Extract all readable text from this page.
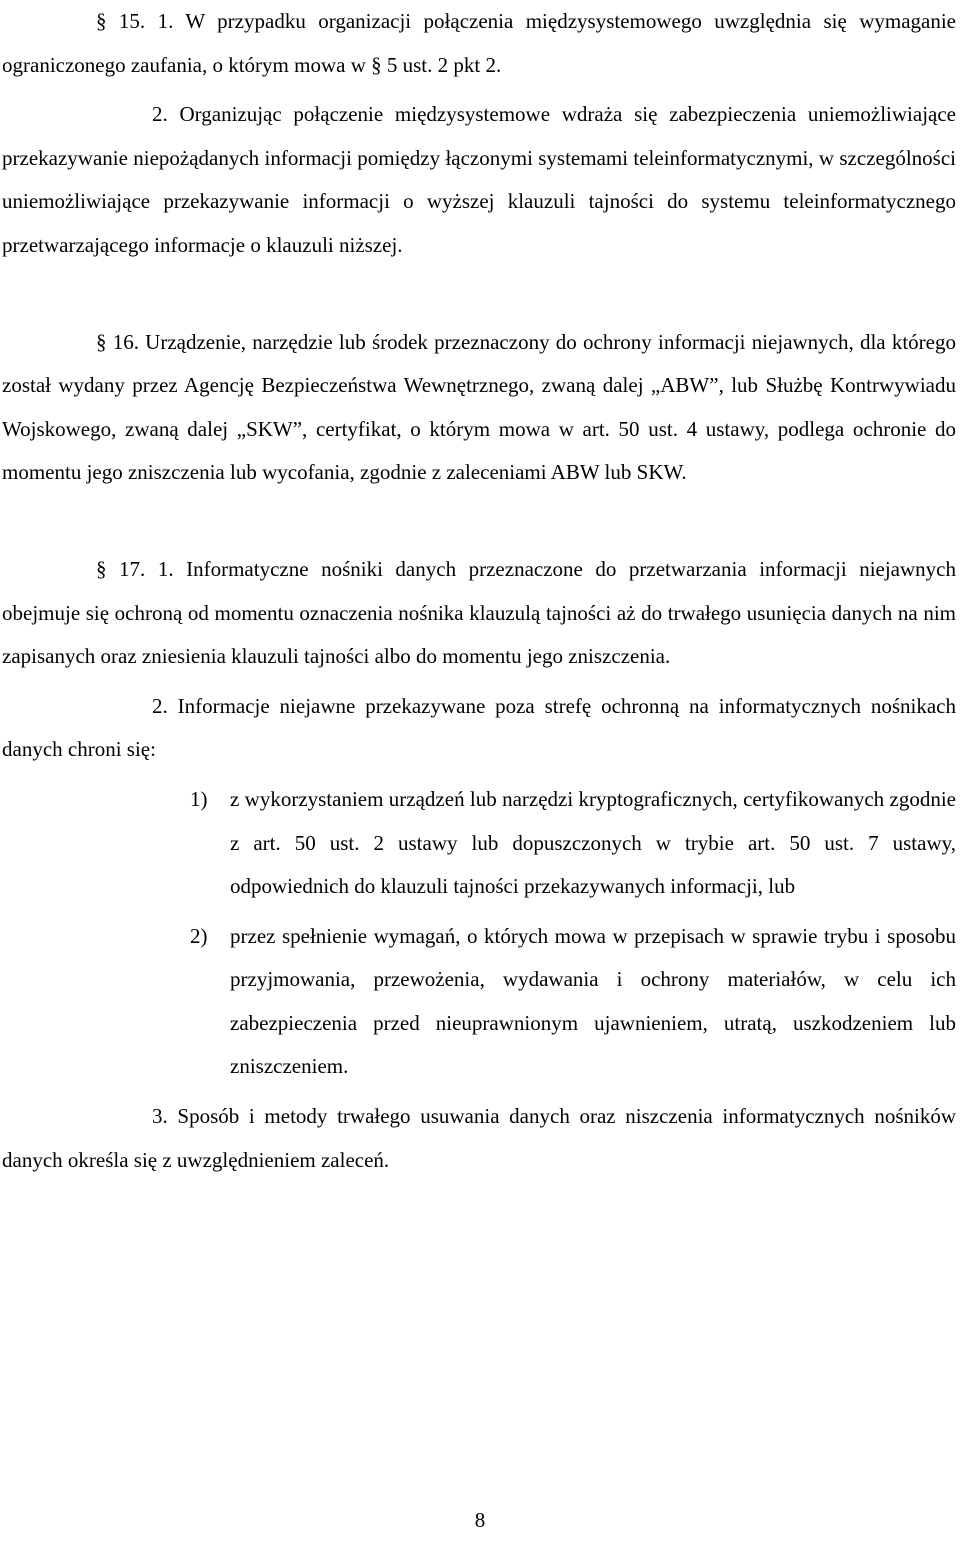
§ 15. 1. W przypadku organizacji połączenia międzysystemowego uwzględnia się wymaganie ograniczonego zaufania, o którym mowa w § 5 ust. 2 pkt 2.

2. Organizując połączenie międzysystemowe wdraża się zabezpieczenia uniemożliwiające przekazywanie niepożądanych informacji pomiędzy łączonymi systemami teleinformatycznymi, w szczególności uniemożliwiające przekazywanie informacji o wyższej klauzuli tajności do systemu teleinformatycznego przetwarzającego informacje o klauzuli niższej.

§ 16. Urządzenie, narzędzie lub środek przeznaczony do ochrony informacji niejawnych, dla którego został wydany przez Agencję Bezpieczeństwa Wewnętrznego, zwaną dalej „ABW”, lub Służbę Kontrwywiadu Wojskowego, zwaną dalej „SKW”, certyfikat, o którym mowa w art. 50 ust. 4 ustawy, podlega ochronie do momentu jego zniszczenia lub wycofania, zgodnie z zaleceniami ABW lub SKW.

§ 17. 1. Informatyczne nośniki danych przeznaczone do przetwarzania informacji niejawnych obejmuje się ochroną od momentu oznaczenia nośnika klauzulą tajności aż do trwałego usunięcia danych na nim zapisanych oraz zniesienia klauzuli tajności albo do momentu jego zniszczenia.

2. Informacje niejawne przekazywane poza strefę ochronną na informatycznych nośnikach danych chroni się:

1)	z wykorzystaniem urządzeń lub narzędzi kryptograficznych, certyfikowanych zgodnie z art. 50 ust. 2 ustawy lub dopuszczonych w trybie art. 50 ust. 7 ustawy, odpowiednich do klauzuli tajności przekazywanych informacji, lub
2)	przez spełnienie wymagań, o których mowa w przepisach w sprawie trybu i sposobu przyjmowania, przewożenia, wydawania i ochrony materiałów, w celu ich zabezpieczenia przed nieuprawnionym ujawnieniem, utratą, uszkodzeniem lub zniszczeniem.

3. Sposób i metody trwałego usuwania danych oraz niszczenia informatycznych nośników danych określa się z uwzględnieniem zaleceń.

8
